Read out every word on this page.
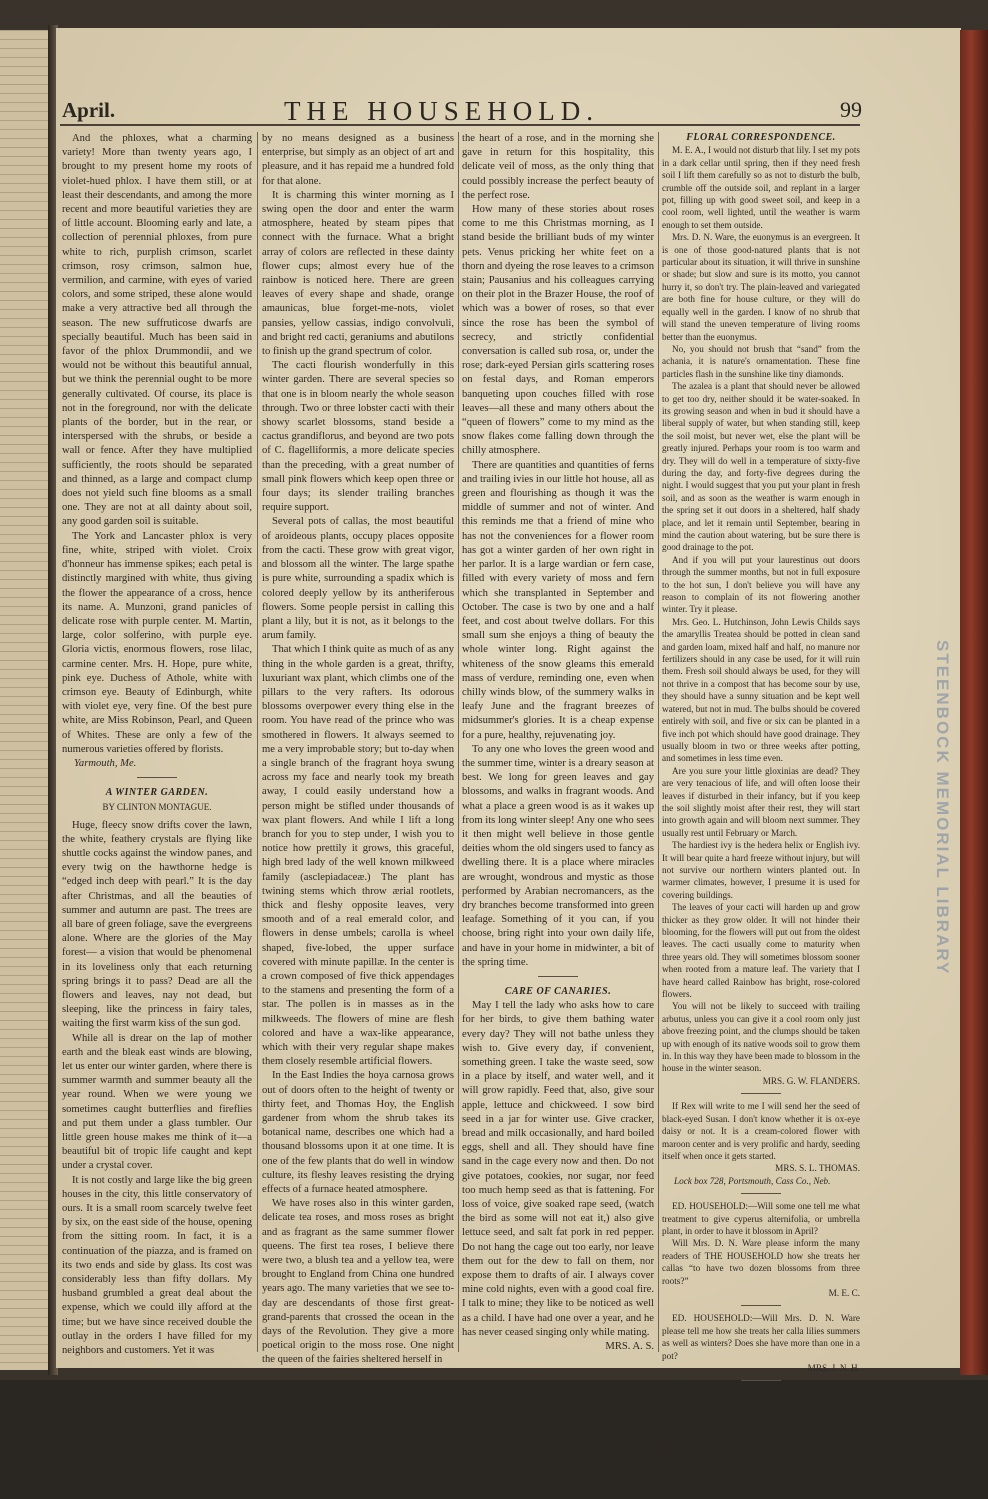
STEENBOCK MEMORIAL LIBRARY
April.	THE HOUSEHOLD.	99

And the phloxes, what a charming variety! More than twenty years ago, I brought to my present home my roots of violet-hued phlox. I have them still, or at least their descendants, and among the more recent and more beautiful varieties they are of little account. Blooming early and late, a collection of perennial phloxes, from pure white to rich, purplish crimson, scarlet crimson, rosy crimson, salmon hue, vermilion, and carmine, with eyes of varied colors, and some striped, these alone would make a very attractive bed all through the season. The new suffruticose dwarfs are specially beautiful. Much has been said in favor of the phlox Drummondii, and we would not be without this beautiful annual, but we think the perennial ought to be more generally cultivated. Of course, its place is not in the foreground, nor with the delicate plants of the border, but in the rear, or interspersed with the shrubs, or beside a wall or fence. After they have multiplied sufficiently, the roots should be separated and thinned, as a large and compact clump does not yield such fine blooms as a small one. They are not at all dainty about soil, any good garden soil is suitable.

The York and Lancaster phlox is very fine, white, striped with violet. Croix d'honneur has immense spikes; each petal is distinctly margined with white, thus giving the flower the appearance of a cross, hence its name. A. Munzoni, grand panicles of delicate rose with purple center. M. Martin, large, color solferino, with purple eye. Gloria victis, enormous flowers, rose lilac, carmine center. Mrs. H. Hope, pure white, pink eye. Duchess of Athole, white with crimson eye. Beauty of Edinburgh, white with violet eye, very fine. Of the best pure white, are Miss Robinson, Pearl, and Queen of Whites. These are only a few of the numerous varieties offered by florists.

Yarmouth, Me.

A WINTER GARDEN.

BY CLINTON MONTAGUE.

Huge, fleecy snow drifts cover the lawn, the white, feathery crystals are flying like shuttle cocks against the window panes, and every twig on the hawthorne hedge is “edged inch deep with pearl.” It is the day after Christmas, and all the beauties of summer and autumn are past. The trees are all bare of green foliage, save the evergreens alone. Where are the glories of the May forest— a vision that would be phenomenal in its loveliness only that each returning spring brings it to pass? Dead are all the flowers and leaves, nay not dead, but sleeping, like the princess in fairy tales, waiting the first warm kiss of the sun god.

While all is drear on the lap of mother earth and the bleak east winds are blowing, let us enter our winter garden, where there is summer warmth and summer beauty all the year round. When we were young we sometimes caught butterflies and fireflies and put them under a glass tumbler. Our little green house makes me think of it—a beautiful bit of tropic life caught and kept under a crystal cover.

It is not costly and large like the big green houses in the city, this little conservatory of ours. It is a small room scarcely twelve feet by six, on the east side of the house, opening from the sitting room. In fact, it is a continuation of the piazza, and is framed on its two ends and side by glass. Its cost was considerably less than fifty dollars. My husband grumbled a great deal about the expense, which we could illy afford at the time; but we have since received double the outlay in the orders I have filled for my neighbors and customers. Yet it was

by no means designed as a business enterprise, but simply as an object of art and pleasure, and it has repaid me a hundred fold for that alone.

It is charming this winter morning as I swing open the door and enter the warm atmosphere, heated by steam pipes that connect with the furnace. What a bright array of colors are reflected in these dainty flower cups; almost every hue of the rainbow is noticed here. There are green leaves of every shape and shade, orange amaunicas, blue forget-me-nots, violet pansies, yellow cassias, indigo convolvuli, and bright red cacti, geraniums and abutilons to finish up the grand spectrum of color.

The cacti flourish wonderfully in this winter garden. There are several species so that one is in bloom nearly the whole season through. Two or three lobster cacti with their showy scarlet blossoms, stand beside a cactus grandiflorus, and beyond are two pots of C. flagelliformis, a more delicate species than the preceding, with a great number of small pink flowers which keep open three or four days; its slender trailing branches require support.

Several pots of callas, the most beautiful of aroideous plants, occupy places opposite from the cacti. These grow with great vigor, and blossom all the winter. The large spathe is pure white, surrounding a spadix which is colored deeply yellow by its antheriferous flowers. Some people persist in calling this plant a lily, but it is not, as it belongs to the arum family.

That which I think quite as much of as any thing in the whole garden is a great, thrifty, luxuriant wax plant, which climbs one of the pillars to the very rafters. Its odorous blossoms overpower every thing else in the room. You have read of the prince who was smothered in flowers. It always seemed to me a very improbable story; but to-day when a single branch of the fragrant hoya swung across my face and nearly took my breath away, I could easily understand how a person might be stifled under thousands of wax plant flowers. And while I lift a long branch for you to step under, I wish you to notice how prettily it grows, this graceful, high bred lady of the well known milkweed family (asclepiadaceæ.) The plant has twining stems which throw ærial rootlets, thick and fleshy opposite leaves, very smooth and of a real emerald color, and flowers in dense umbels; carolla is wheel shaped, five-lobed, the upper surface covered with minute papillæ. In the center is a crown composed of five thick appendages to the stamens and presenting the form of a star. The pollen is in masses as in the milkweeds. The flowers of mine are flesh colored and have a wax-like appearance, which with their very regular shape makes them closely resemble artificial flowers.

In the East Indies the hoya carnosa grows out of doors often to the height of twenty or thirty feet, and Thomas Hoy, the English gardener from whom the shrub takes its botanical name, describes one which had a thousand blossoms upon it at one time. It is one of the few plants that do well in window culture, its fleshy leaves resisting the drying effects of a furnace heated atmosphere.

We have roses also in this winter garden, delicate tea roses, and moss roses as bright and as fragrant as the same summer flower queens. The first tea roses, I believe there were two, a blush tea and a yellow tea, were brought to England from China one hundred years ago. The many varieties that we see to-day are descendants of those first great-grand-parents that crossed the ocean in the days of the Revolution. They give a more poetical origin to the moss rose. One night the queen of the fairies sheltered herself in

the heart of a rose, and in the morning she gave in return for this hospitality, this delicate veil of moss, as the only thing that could possibly increase the perfect beauty of the perfect rose.

How many of these stories about roses come to me this Christmas morning, as I stand beside the brilliant buds of my winter pets. Venus pricking her white feet on a thorn and dyeing the rose leaves to a crimson stain; Pausanius and his colleagues carrying on their plot in the Brazer House, the roof of which was a bower of roses, so that ever since the rose has been the symbol of secrecy, and strictly confidential conversation is called sub rosa, or, under the rose; dark-eyed Persian girls scattering roses on festal days, and Roman emperors banqueting upon couches filled with rose leaves—all these and many others about the “queen of flowers” come to my mind as the snow flakes come falling down through the chilly atmosphere.

There are quantities and quantities of ferns and trailing ivies in our little hot house, all as green and flourishing as though it was the middle of summer and not of winter. And this reminds me that a friend of mine who has not the conveniences for a flower room has got a winter garden of her own right in her parlor. It is a large wardian or fern case, filled with every variety of moss and fern which she transplanted in September and October. The case is two by one and a half feet, and cost about twelve dollars. For this small sum she enjoys a thing of beauty the whole winter long. Right against the whiteness of the snow gleams this emerald mass of verdure, reminding one, even when chilly winds blow, of the summery walks in leafy June and the fragrant breezes of midsummer's glories. It is a cheap expense for a pure, healthy, rejuvenating joy.

To any one who loves the green wood and the summer time, winter is a dreary season at best. We long for green leaves and gay blossoms, and walks in fragrant woods. And what a place a green wood is as it wakes up from its long winter sleep! Any one who sees it then might well believe in those gentle deities whom the old singers used to fancy as dwelling there. It is a place where miracles are wrought, wondrous and mystic as those performed by Arabian necromancers, as the dry branches become transformed into green leafage. Something of it you can, if you choose, bring right into your own daily life, and have in your home in midwinter, a bit of the spring time.

CARE OF CANARIES.

May I tell the lady who asks how to care for her birds, to give them bathing water every day? They will not bathe unless they wish to. Give every day, if convenient, something green. I take the waste seed, sow in a place by itself, and water well, and it will grow rapidly. Feed that, also, give sour apple, lettuce and chickweed. I sow bird seed in a jar for winter use. Give cracker, bread and milk occasionally, and hard boiled eggs, shell and all. They should have fine sand in the cage every now and then. Do not give potatoes, cookies, nor sugar, nor feed too much hemp seed as that is fattening. For loss of voice, give soaked rape seed, (watch the bird as some will not eat it,) also give lettuce seed, and salt fat pork in red pepper. Do not hang the cage out too early, nor leave them out for the dew to fall on them, nor expose them to drafts of air. I always cover mine cold nights, even with a good coal fire. I talk to mine; they like to be noticed as well as a child. I have had one over a year, and he has never ceased singing only while mating.

MRS. A. S.

FLORAL CORRESPONDENCE.

M. E. A., I would not disturb that lily. I set my pots in a dark cellar until spring, then if they need fresh soil I lift them carefully so as not to disturb the bulb, crumble off the outside soil, and replant in a larger pot, filling up with good sweet soil, and keep in a cool room, well lighted, until the weather is warm enough to set them outside.

Mrs. D. N. Ware, the euonymus is an evergreen. It is one of those good-natured plants that is not particular about its situation, it will thrive in sunshine or shade; but slow and sure is its motto, you cannot hurry it, so don't try. The plain-leaved and variegated are both fine for house culture, or they will do equally well in the garden. I know of no shrub that will stand the uneven temperature of living rooms better than the euonymus.

No, you should not brush that “sand” from the achania, it is nature's ornamentation. These fine particles flash in the sunshine like tiny diamonds.

The azalea is a plant that should never be allowed to get too dry, neither should it be water-soaked. In its growing season and when in bud it should have a liberal supply of water, but when standing still, keep the soil moist, but never wet, else the plant will be greatly injured. Perhaps your room is too warm and dry. They will do well in a temperature of sixty-five during the day, and forty-five degrees during the night. I would suggest that you put your plant in fresh soil, and as soon as the weather is warm enough in the spring set it out doors in a sheltered, half shady place, and let it remain until September, bearing in mind the caution about watering, but be sure there is good drainage to the pot.

And if you will put your laurestinus out doors through the summer months, but not in full exposure to the hot sun, I don't believe you will have any reason to complain of its not flowering another winter. Try it please.

Mrs. Geo. L. Hutchinson, John Lewis Childs says the amaryllis Treatea should be potted in clean sand and garden loam, mixed half and half, no manure nor fertilizers should in any case be used, for it will ruin them. Fresh soil should always be used, for they will not thrive in a compost that has become sour by use, they should have a sunny situation and be kept well watered, but not in mud. The bulbs should be covered entirely with soil, and five or six can be planted in a five inch pot which should have good drainage. They usually bloom in two or three weeks after potting, and sometimes in less time even.

Are you sure your little gloxinias are dead? They are very tenacious of life, and will often loose their leaves if disturbed in their infancy, but if you keep the soil slightly moist after their rest, they will start into growth again and will bloom next summer. They usually rest until February or March.

The hardiest ivy is the hedera helix or English ivy. It will bear quite a hard freeze without injury, but will not survive our northern winters planted out. In warmer climates, however, I presume it is used for covering buildings.

The leaves of your cacti will harden up and grow thicker as they grow older. It will not hinder their blooming, for the flowers will put out from the oldest leaves. The cacti usually come to maturity when three years old. They will sometimes blossom sooner when rooted from a mature leaf. The variety that I have heard called Rainbow has bright, rose-colored flowers.

You will not be likely to succeed with trailing arbutus, unless you can give it a cool room only just above freezing point, and the clumps should be taken up with enough of its native woods soil to grow them in. In this way they have been made to blossom in the house in the winter season.

MRS. G. W. FLANDERS.

If Rex will write to me I will send her the seed of black-eyed Susan. I don't know whether it is ox-eye daisy or not. It is a cream-colored flower with maroon center and is very prolific and hardy, seeding itself when once it gets started.

MRS. S. L. THOMAS.

Lock box 728, Portsmouth, Cass Co., Neb.

ED. HOUSEHOLD:—Will some one tell me what treatment to give cyperus alternifolia, or umbrella plant, in order to have it blossom in April?

Will Mrs. D. N. Ware please inform the many readers of THE HOUSEHOLD how she treats her callas “to have two dozen blossoms from three roots?”

M. E. C.

ED. HOUSEHOLD:—Will Mrs. D. N. Ware please tell me how she treats her calla lilies summers as well as winters? Does she have more than one in a pot?

MRS. J. N. H.

Will some HOUSEHOLD sister tell why the leaves of the heliotrope turn dark on the edge, and finally die? Otherwise the plant looks well. Also, what is the quickest and surest remedy for the red spider and green lice which delight in working ruin among our favorite fuchsias, and how can we prevent them?

Pittsville, Wis.

MRS. J. A. B.
